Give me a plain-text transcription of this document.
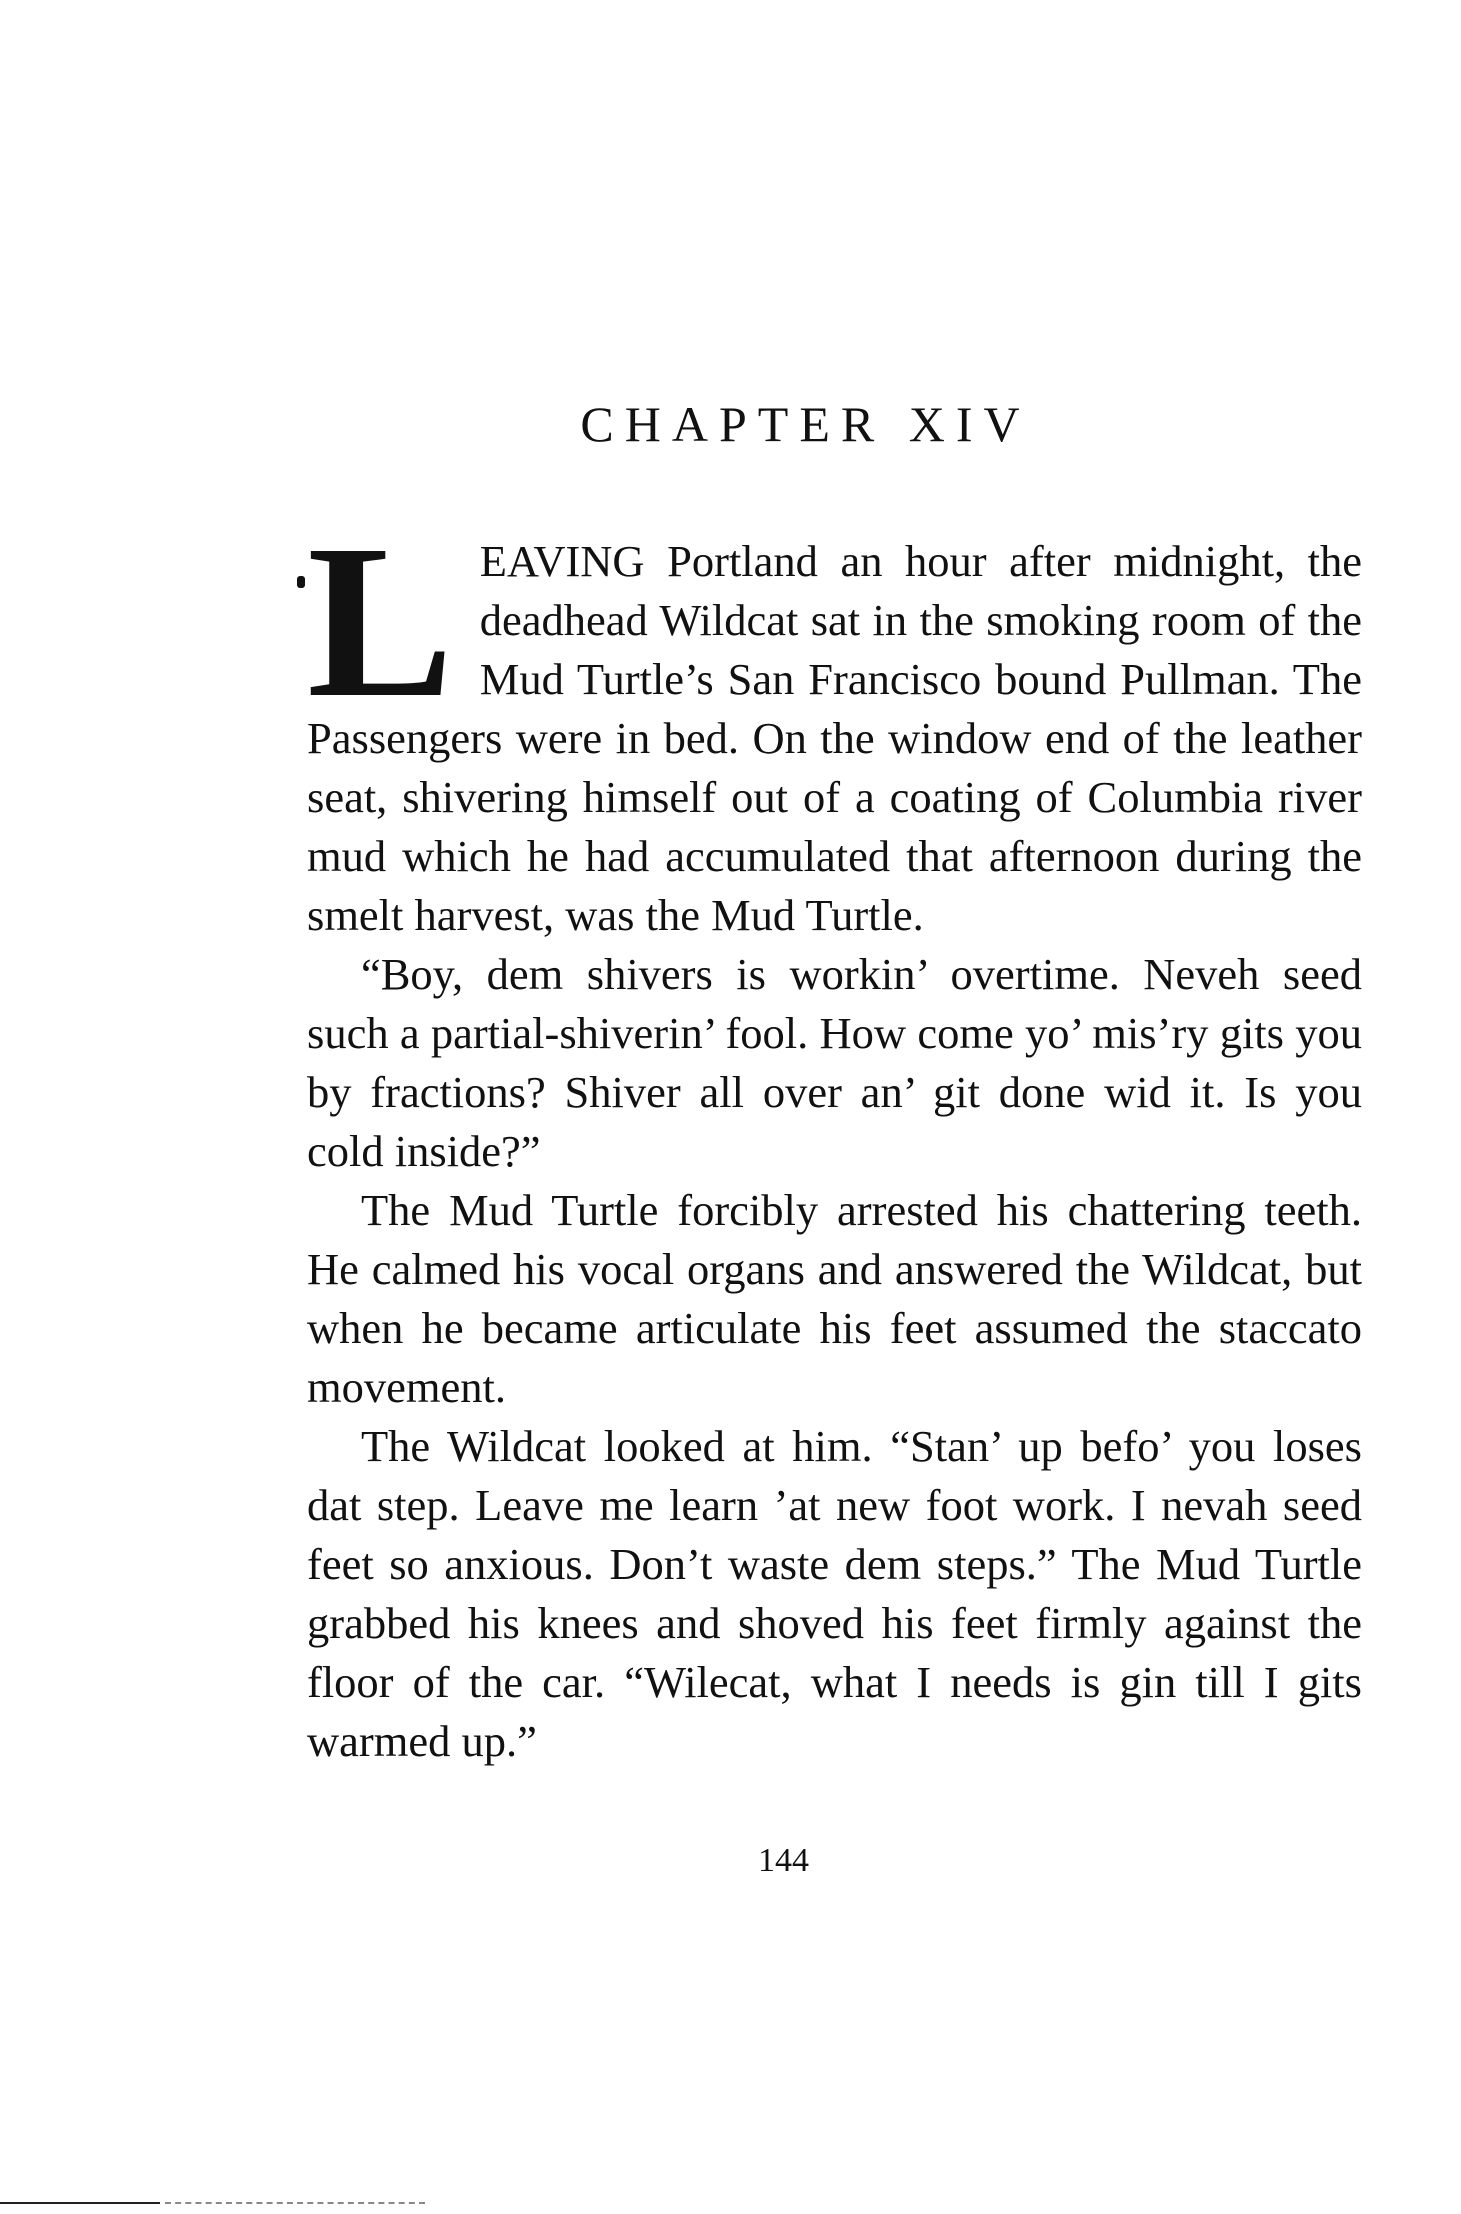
CHAPTER XIV

LEAVING Portland an hour after midnight, the deadhead Wildcat sat in the smoking room of the Mud Turtle’s San Francisco bound Pullman. The Passengers were in bed. On the window end of the leather seat, shivering himself out of a coating of Columbia river mud which he had accumulated that afternoon during the smelt harvest, was the Mud Turtle.

“Boy, dem shivers is workin’ overtime. Neveh seed such a partial-shiverin’ fool. How come yo’ mis’ry gits you by fractions? Shiver all over an’ git done wid it. Is you cold inside?”

The Mud Turtle forcibly arrested his chattering teeth. He calmed his vocal organs and answered the Wildcat, but when he became articulate his feet assumed the staccato movement.

The Wildcat looked at him. “Stan’ up befo’ you loses dat step. Leave me learn ’at new foot work. I nevah seed feet so anxious. Don’t waste dem steps.” The Mud Turtle grabbed his knees and shoved his feet firmly against the floor of the car. “Wilecat, what I needs is gin till I gits warmed up.”

144
